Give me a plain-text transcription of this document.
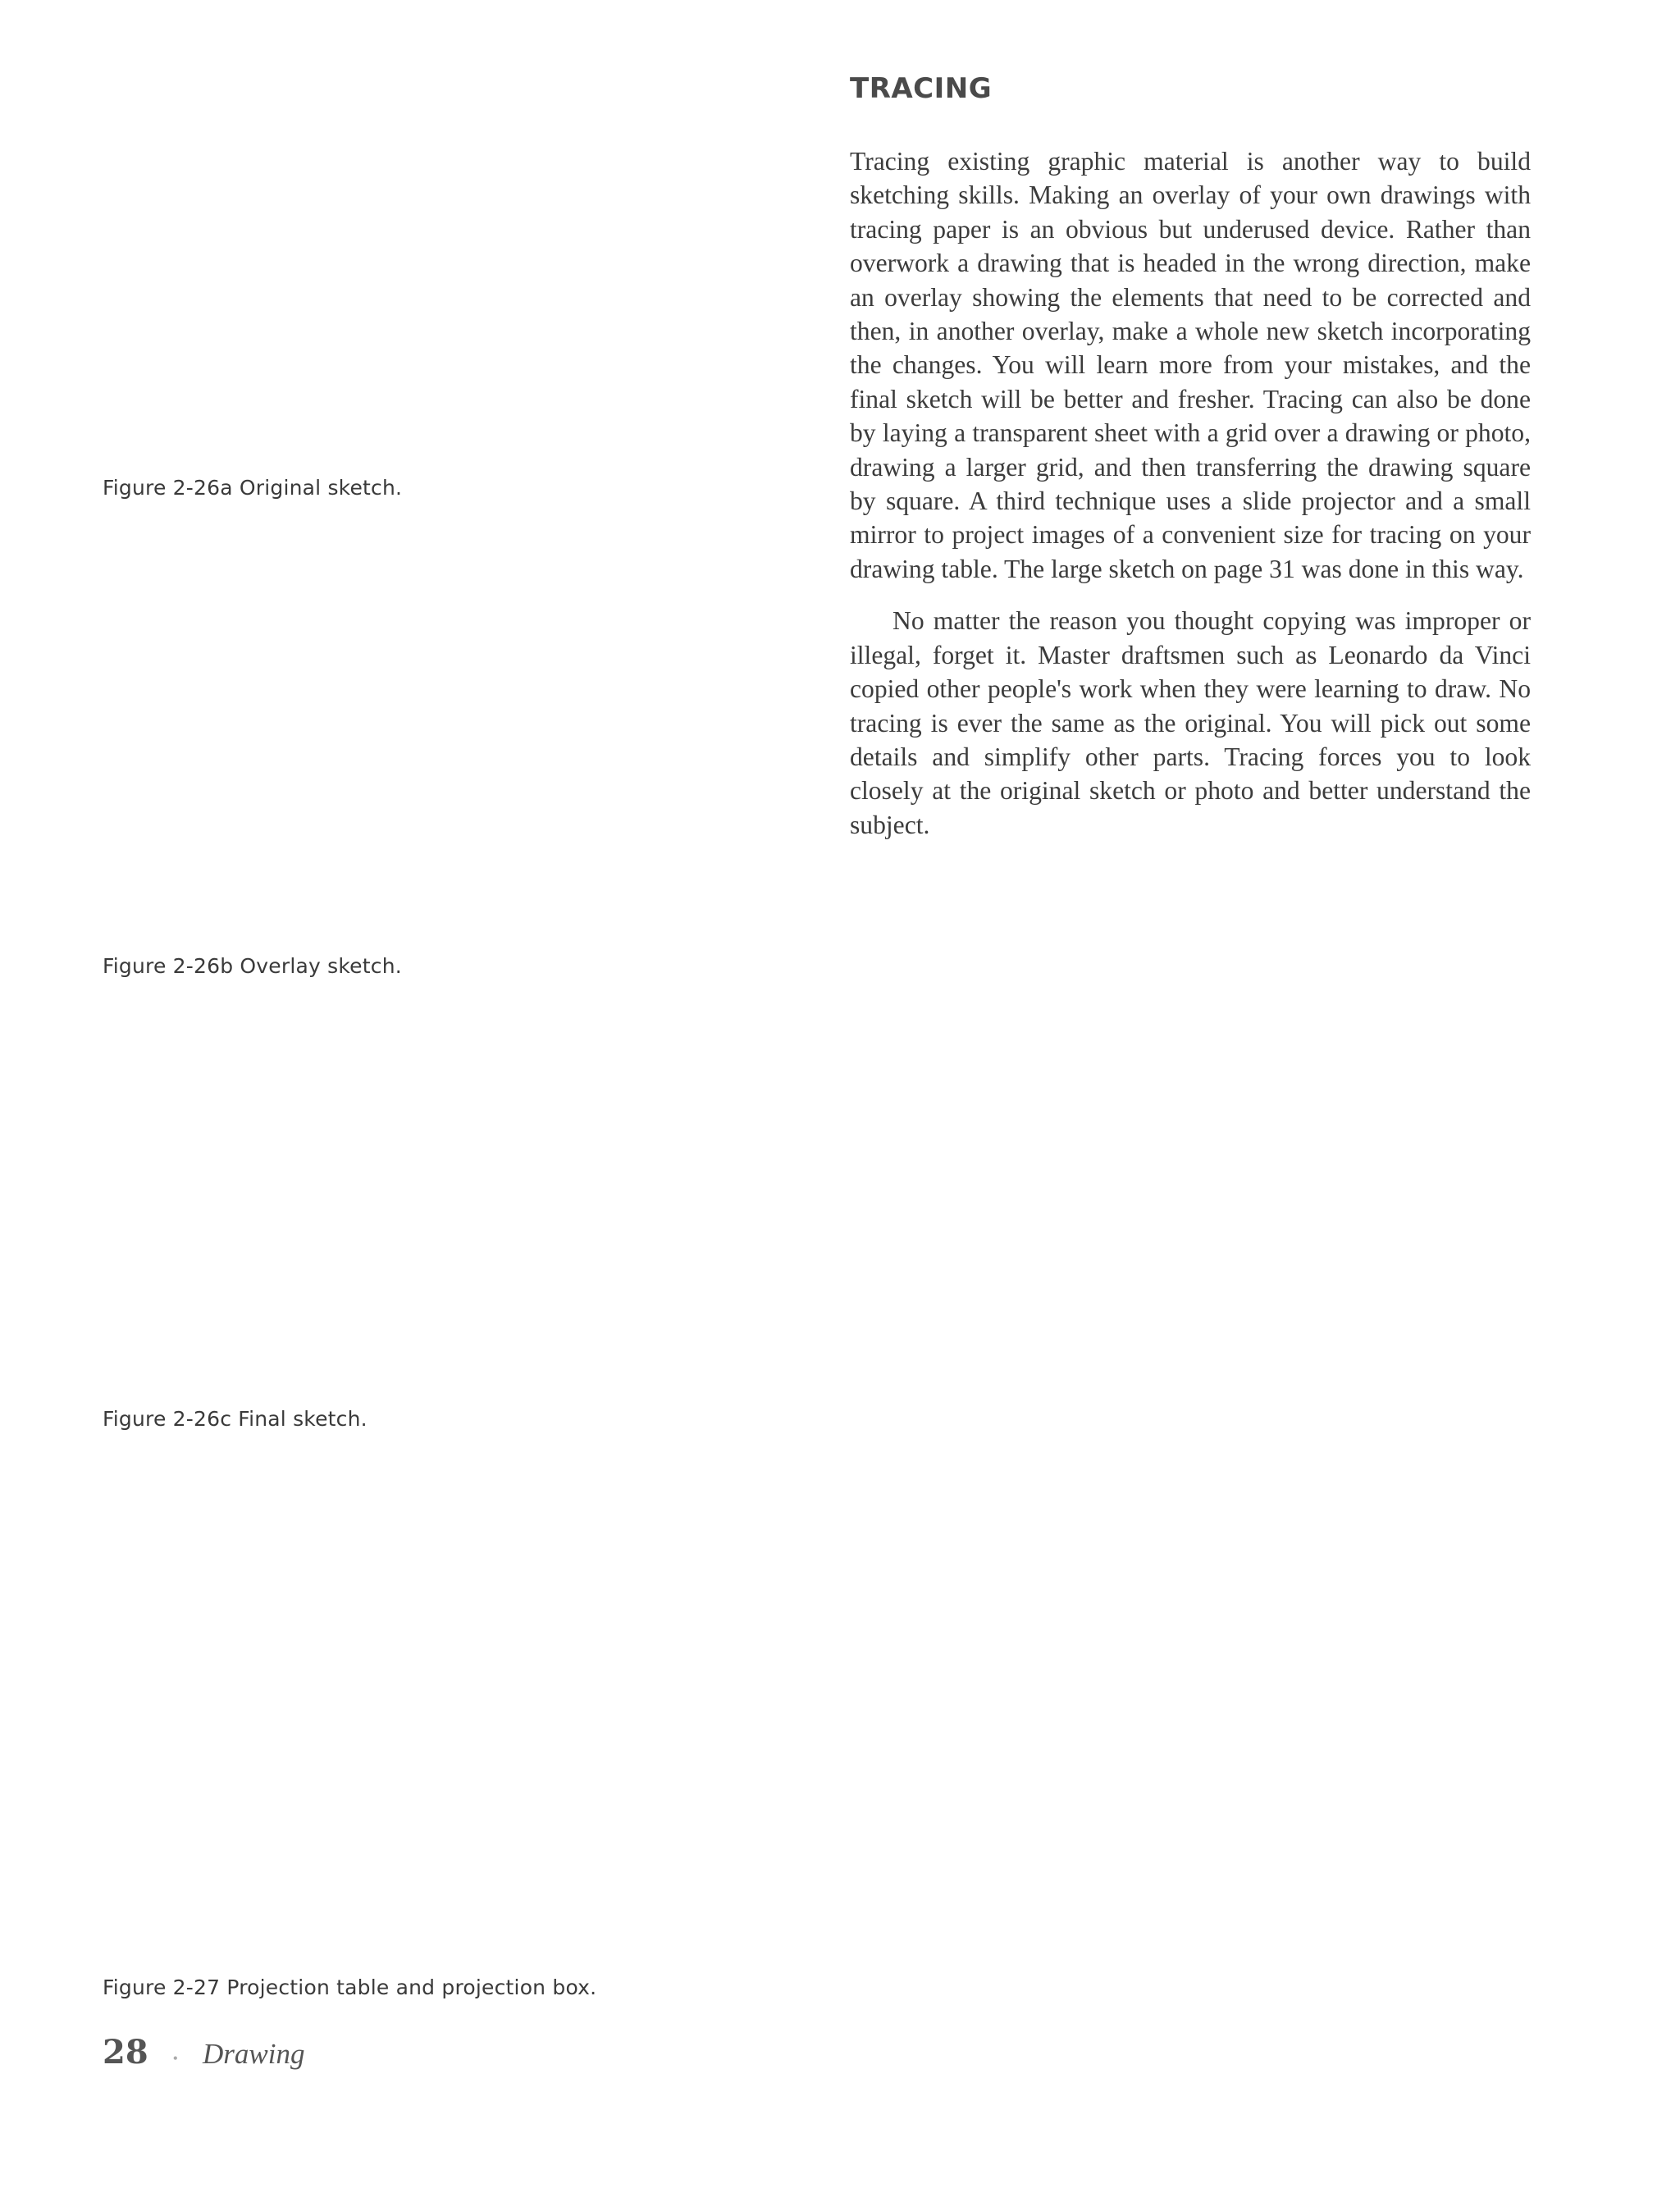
TRACING

Tracing existing graphic material is another way to build sketching skills. Making an overlay of your own drawings with tracing paper is an obvious but underused device. Rather than overwork a drawing that is headed in the wrong direction, make an overlay showing the elements that need to be corrected and then, in another overlay, make a whole new sketch incorporating the changes. You will learn more from your mistakes, and the final sketch will be better and fresher. Tracing can also be done by laying a transparent sheet with a grid over a drawing or photo, drawing a larger grid, and then transferring the drawing square by square. A third technique uses a slide projector and a small mirror to project images of a convenient size for tracing on your drawing table. The large sketch on page 31 was done in this way.

No matter the reason you thought copying was improper or illegal, forget it. Master draftsmen such as Leonardo da Vinci copied other people's work when they were learning to draw. No tracing is ever the same as the original. You will pick out some details and simplify other parts. Tracing forces you to look closely at the original sketch or photo and better understand the subject.

wrong
Figure 2-26a Original sketch.
Figure 2-26b Overlay sketch.
Figure 2-26c Final sketch.
MIRROR TABLE
slides inserted
right-side-up
35 mm.
slide
Projector
zoom lens: not
essential but allows
adjustment of
drawing size.
1/4" clear plate glass
Frame box
constructed of
1"x1" wood stock
(sides reinforced
with thin board
panels.)
Mirror
MIRROR BOX
Figure 2-27 Projection table and projection box.
28 • Drawing
